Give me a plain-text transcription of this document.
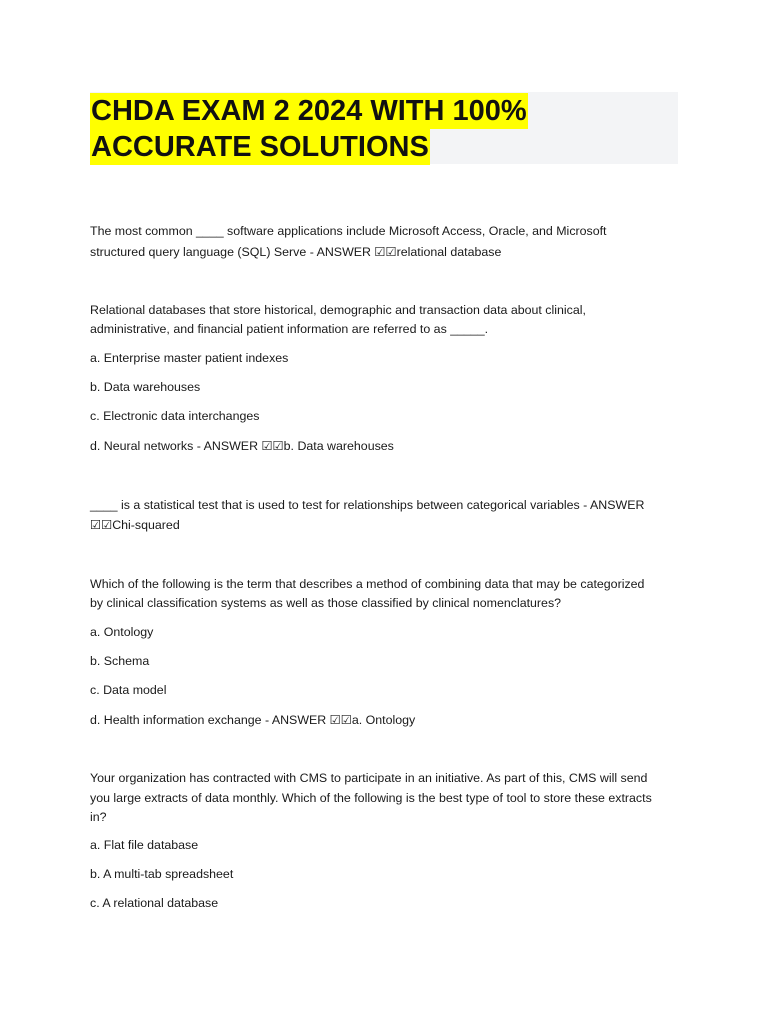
CHDA EXAM 2 2024 WITH 100%
ACCURATE SOLUTIONS
The most common ____ software applications include Microsoft Access, Oracle, and Microsoft
structured query language (SQL) Serve - ANSWER ☑☑relational database
Relational databases that store historical, demographic and transaction data about clinical,
administrative, and financial patient information are referred to as _____.
a. Enterprise master patient indexes
b. Data warehouses
c. Electronic data interchanges
d. Neural networks - ANSWER ☑☑b. Data warehouses
____ is a statistical test that is used to test for relationships between categorical variables - ANSWER
☑☑Chi-squared
Which of the following is the term that describes a method of combining data that may be categorized
by clinical classification systems as well as those classified by clinical nomenclatures?
a. Ontology
b. Schema
c. Data model
d. Health information exchange - ANSWER ☑☑a. Ontology
Your organization has contracted with CMS to participate in an initiative. As part of this, CMS will send
you large extracts of data monthly. Which of the following is the best type of tool to store these extracts
in?
a. Flat file database
b. A multi-tab spreadsheet
c. A relational database
